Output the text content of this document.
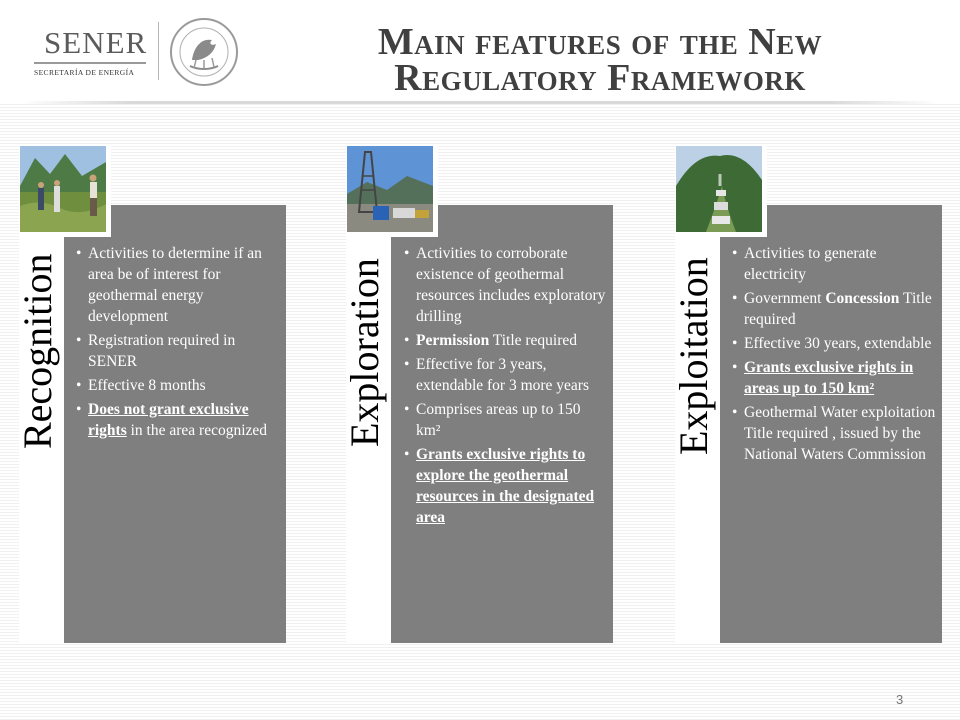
SENER
SECRETARÍA DE ENERGÍA
Main features of the New
Regulatory Framework
Recognition
•	Activities to determine if an area be of interest for geothermal energy development
• Registration required in SENER
• Effective 8 months
• Does not grant exclusive rights in the area recognized	Exploration
• Activities to corroborate existence of geothermal resources includes exploratory drilling
• Permission Title required
• Effective for 3 years, extendable for 3 more years
• Comprises areas up to 150 km²
• Grants exclusive rights to explore the geothermal resources in the designated area
Exploitation
• Activities to generate electricity
• Government Concession Title required
• Effective 30 years, extendable
• Grants exclusive rights in areas up to 150 km²
• Geothermal Water exploitation Title required , issued by the National Waters Commission
3
